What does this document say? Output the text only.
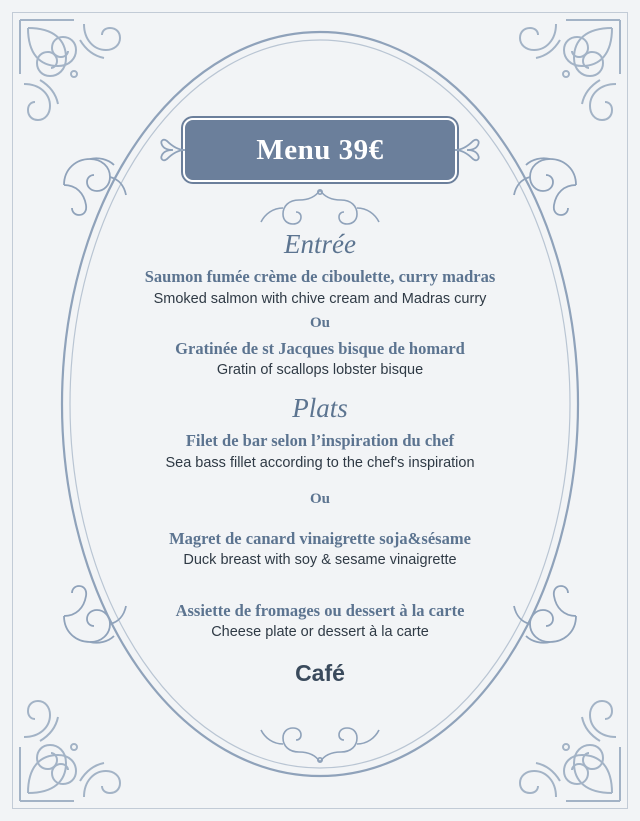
Menu 39€
Entrée
Saumon fumée crème de ciboulette, curry madras
Smoked salmon with chive cream and Madras curry
Ou
Gratinée de st Jacques bisque de homard
Gratin of scallops lobster bisque
Plats
Filet de bar selon l’inspiration du chef
Sea bass fillet according to the chef's inspiration
Ou
Magret de canard vinaigrette soja&sésame
Duck breast with soy & sesame vinaigrette
Assiette de fromages ou dessert à la carte
Cheese plate or dessert à la carte
Café
